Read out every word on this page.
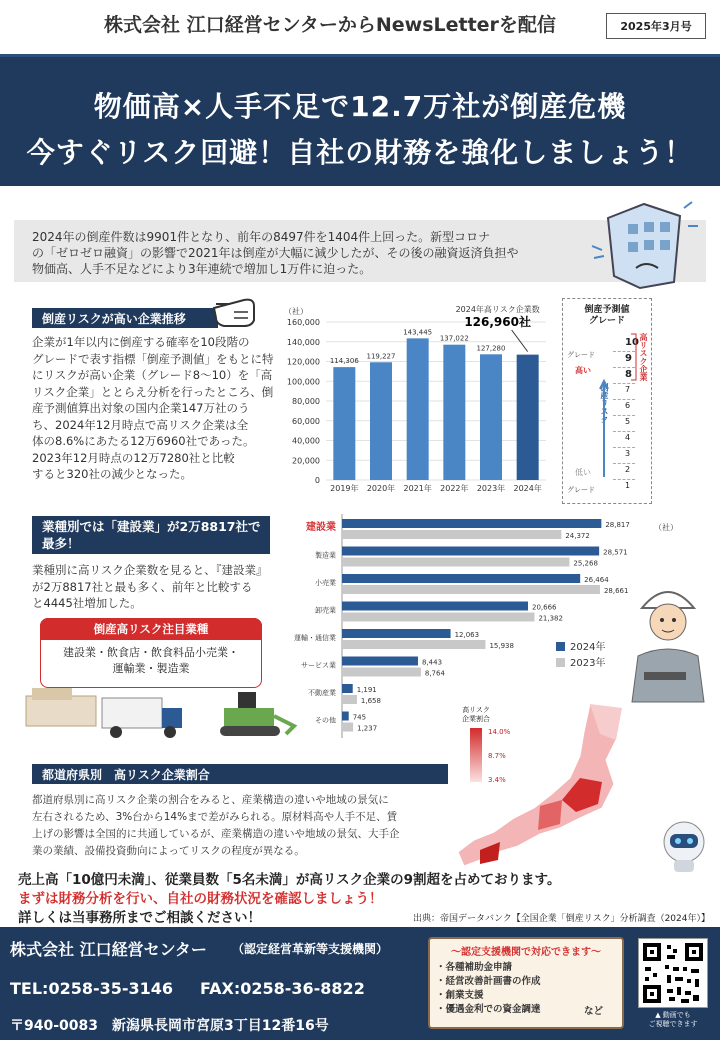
株式会社 江口経営センターからNewsLetterを配信	2025年3月号
物価高×人手不足で12.7万社が倒産危機
今すぐリスク回避！自社の財務を強化しましょう！

2024年の倒産件数は9901件となり、前年の8497件を1404件上回った。新型コロナ
の「ゼロゼロ融資」の影響で2021年は倒産が大幅に減少したが、その後の融資返済負担や
物価高、人手不足などにより3年連続で増加し1万件に迫った。

倒産リスクが高い企業推移
企業が1年以内に倒産する確率を10段階の
グレードで表す指標「倒産予測値」をもとに特
にリスクが高い企業（グレード8〜10）を「高
リスク企業」ととらえ分析を行ったところ、倒
産予測値算出対象の国内企業147万社のう
ち、2024年12月時点で高リスク企業は全
体の8.6%にあたる12万6960社であった。
2023年12月時点の12万7280社と比較
すると320社の減少となった。
（社）
0
20,000
40,000
60,000
80,000
100,000
120,000
140,000
160,000
2019年
114,306
2020年
119,227
2021年
143,445
2022年
137,022
2023年
127,280
2024年
2024年高リスク企業数
126,960社
倒産予測値
グレード
10
9
8
7
6
5
4
3
2
1
グレード
グレード
高い
低い
倒産リスク
高リスク企業
業種別では「建設業」が2万8817社で
最多！
業種別に高リスク企業数を見ると、『建設業』
が2万8817社と最も多く、前年と比較する
と4445社増加した。
倒産高リスク注目業種
建設業・飲食店・飲食料品小売業・
運輸業・製造業
（社）
建設業	28,817
24,372
製造業	28,571
25,268
小売業	26,464
28,661
卸売業	20,666
21,382
運輸・通信業	12,063
15,938
サービス業	8,443
8,764
不動産業	1,191
1,658
その他 745
1,237
2024年
2023年
都道府県別　高リスク企業割合
都道府県別に高リスク企業の割合をみると、産業構造の違いや地域の景気に
左右されるため、3%台から14%まで差がみられる。原材料高や人手不足、賃
上げの影響は全国的に共通しているが、産業構造の違いや地域の景気、大手企
業の業績、設備投資動向によってリスクの程度が異なる。
高リスク
企業割合
14.0%
8.7%
3.4%
売上高「10億円未満」、従業員数「5名未満」が高リスク企業の9割超を占めております。
まずは財務分析を行い、自社の財務状況を確認しましょう！
詳しくは当事務所までご相談ください！	出典：帝国データバンク【全国企業「倒産リスク」分析調査（2024年）】
株式会社 江口経営センター （認定経営革新等支援機関）
TEL:0258-35-3146 FAX:0258-36-8822
〒940-0083　新潟県長岡市宮原3丁目12番16号
〜認定支援機関で対応できます〜
・各種補助金申請
・経営改善計画書の作成
・創業支援
・優遇金利での資金調達	など	▲ 動画でも
ご視聴できます
